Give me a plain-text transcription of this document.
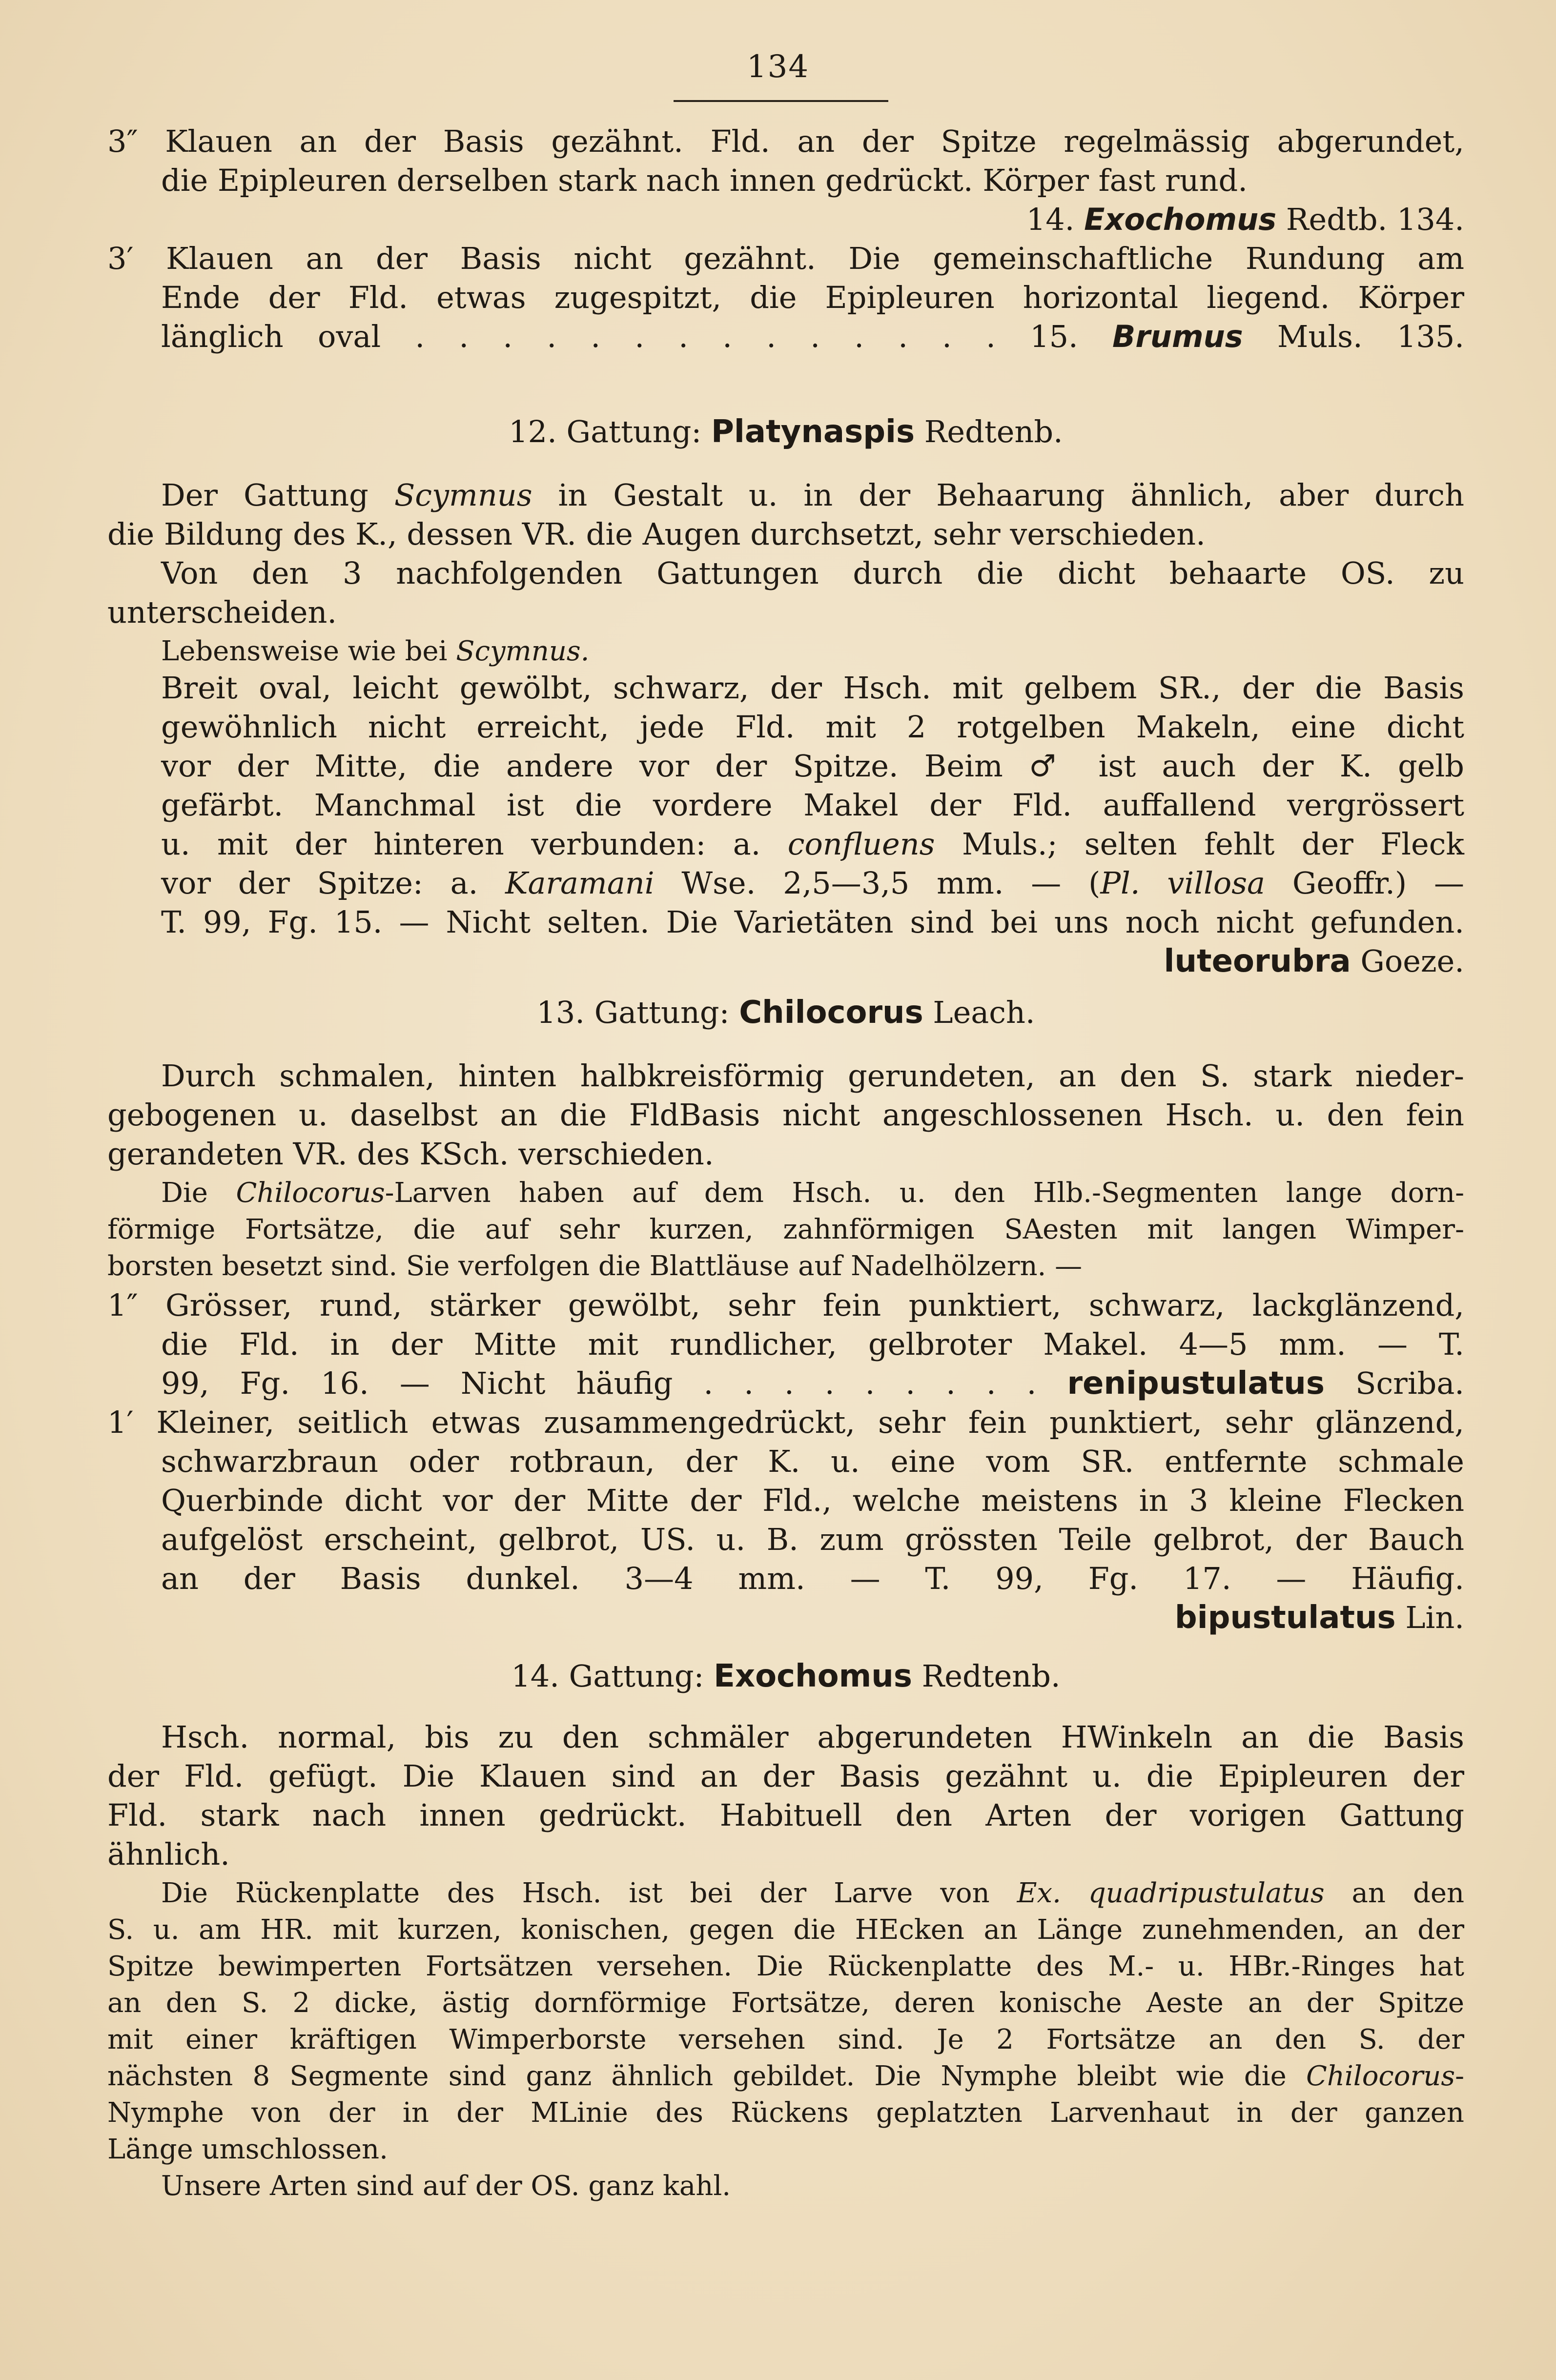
134
3″ Klauen an der Basis gezähnt. Fld. an der Spitze regelmässig abgerundet,
die Epipleuren derselben stark nach innen gedrückt. Körper fast rund.
14. Exochomus Redtb. 134.
3′ Klauen an der Basis nicht gezähnt. Die gemeinschaftliche Rundung am
Ende der Fld. etwas zugespitzt, die Epipleuren horizontal liegend. Körper
länglich oval . . . . . . . . . . . . . . 15. Brumus Muls. 135.
12. Gattung: Platynaspis Redtenb.
Der Gattung Scymnus in Gestalt u. in der Behaarung ähnlich, aber durch
die Bildung des K., dessen VR. die Augen durchsetzt, sehr verschieden.
Von den 3 nachfolgenden Gattungen durch die dicht behaarte OS. zu
unterscheiden.
Lebensweise wie bei Scymnus.
Breit oval, leicht gewölbt, schwarz, der Hsch. mit gelbem SR., der die Basis
gewöhnlich nicht erreicht, jede Fld. mit 2 rotgelben Makeln, eine dicht
vor der Mitte, die andere vor der Spitze. Beim ♂ ist auch der K. gelb
gefärbt. Manchmal ist die vordere Makel der Fld. auffallend vergrössert
u. mit der hinteren verbunden: a. confluens Muls.; selten fehlt der Fleck
vor der Spitze: a. Karamani Wse. 2,5—3,5 mm. — (Pl. villosa Geoffr.) —
T. 99, Fg. 15. — Nicht selten. Die Varietäten sind bei uns noch nicht gefunden.
luteorubra Goeze.
13. Gattung: Chilocorus Leach.
Durch schmalen, hinten halbkreisförmig gerundeten, an den S. stark nieder-
gebogenen u. daselbst an die FldBasis nicht angeschlossenen Hsch. u. den fein
gerandeten VR. des KSch. verschieden.
Die Chilocorus-Larven haben auf dem Hsch. u. den Hlb.-Segmenten lange dorn-
förmige Fortsätze, die auf sehr kurzen, zahnförmigen SAesten mit langen Wimper-
borsten besetzt sind. Sie verfolgen die Blattläuse auf Nadelhölzern. —
1″ Grösser, rund, stärker gewölbt, sehr fein punktiert, schwarz, lackglänzend,
die Fld. in der Mitte mit rundlicher, gelbroter Makel. 4—5 mm. — T.
99, Fg. 16. — Nicht häufig . . . . . . . . . renipustulatus Scriba.
1′ Kleiner, seitlich etwas zusammengedrückt, sehr fein punktiert, sehr glänzend,
schwarzbraun oder rotbraun, der K. u. eine vom SR. entfernte schmale
Querbinde dicht vor der Mitte der Fld., welche meistens in 3 kleine Flecken
aufgelöst erscheint, gelbrot, US. u. B. zum grössten Teile gelbrot, der Bauch
an der Basis dunkel. 3—4 mm. — T. 99, Fg. 17. — Häufig.
bipustulatus Lin.
14. Gattung: Exochomus Redtenb.
Hsch. normal, bis zu den schmäler abgerundeten HWinkeln an die Basis
der Fld. gefügt. Die Klauen sind an der Basis gezähnt u. die Epipleuren der
Fld. stark nach innen gedrückt. Habituell den Arten der vorigen Gattung
ähnlich.
Die Rückenplatte des Hsch. ist bei der Larve von Ex. quadripustulatus an den
S. u. am HR. mit kurzen, konischen, gegen die HEcken an Länge zunehmenden, an der
Spitze bewimperten Fortsätzen versehen. Die Rückenplatte des M.- u. HBr.-Ringes hat
an den S. 2 dicke, ästig dornförmige Fortsätze, deren konische Aeste an der Spitze
mit einer kräftigen Wimperborste versehen sind. Je 2 Fortsätze an den S. der
nächsten 8 Segmente sind ganz ähnlich gebildet. Die Nymphe bleibt wie die Chilocorus-
Nymphe von der in der MLinie des Rückens geplatzten Larvenhaut in der ganzen
Länge umschlossen.
Unsere Arten sind auf der OS. ganz kahl.
